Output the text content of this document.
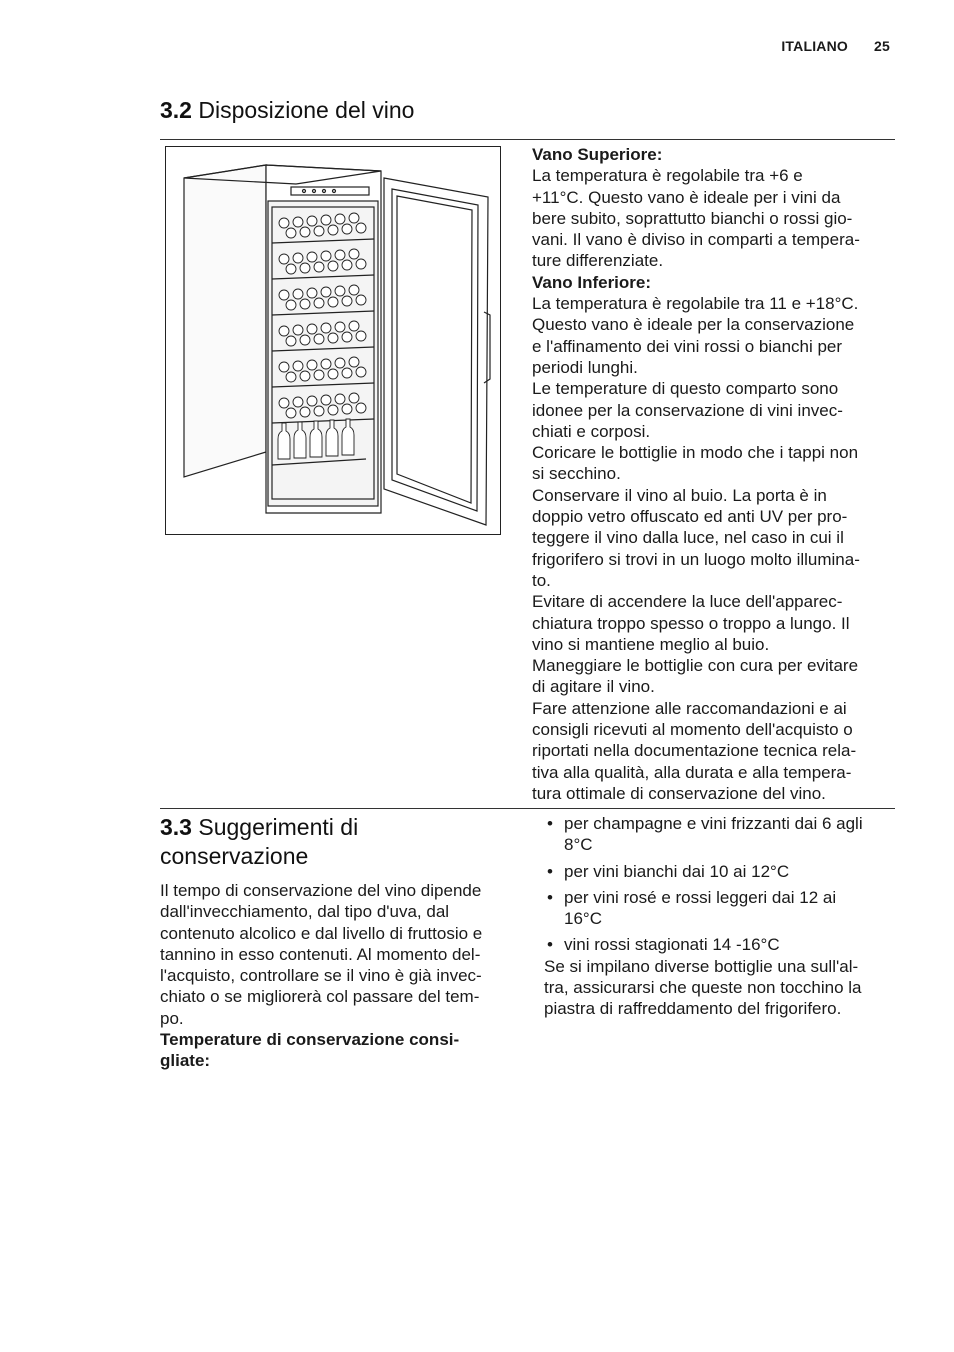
ITALIANO 25
3.2 Disposizione del vino

Vano Superiore:

La temperatura è regolabile tra +6 e

+11°C. Questo vano è ideale per i vini da

bere subito, soprattutto bianchi o rossi gio-

vani. Il vano è diviso in comparti a tempera-

ture differenziate.

Vano Inferiore:

La temperatura è regolabile tra 11 e +18°C.

Questo vano è ideale per la conservazione

e l'affinamento dei vini rossi o bianchi per

periodi lunghi.

Le temperature di questo comparto sono

idonee per la conservazione di vini invec-

chiati e corposi.

Coricare le bottiglie in modo che i tappi non

si secchino.

Conservare il vino al buio. La porta è in

doppio vetro offuscato ed anti UV per pro-

teggere il vino dalla luce, nel caso in cui il

frigorifero si trovi in un luogo molto illumina-

to.

Evitare di accendere la luce dell'apparec-

chiatura troppo spesso o troppo a lungo. Il

vino si mantiene meglio al buio.

Maneggiare le bottiglie con cura per evitare

di agitare il vino.

Fare attenzione alle raccomandazioni e ai

consigli ricevuti al momento dell'acquisto o

riportati nella documentazione tecnica rela-

tiva alla qualità, alla durata e alla tempera-

tura ottimale di conservazione del vino.

3.3 Suggerimenti di
conservazione

Il tempo di conservazione del vino dipende

dall'invecchiamento, dal tipo d'uva, dal

contenuto alcolico e dal livello di fruttosio e

tannino in esso contenuti. Al momento del-

l'acquisto, controllare se il vino è già invec-

chiato o se migliorerà col passare del tem-

po.

Temperature di conservazione consi-

gliate:

• per champagne e vini frizzanti dai 6 agli
8°C
• per vini bianchi dai 10 ai 12°C
• per vini rosé e rossi leggeri dai 12 ai
16°C
• vini rossi stagionati 14 -16°C

Se si impilano diverse bottiglie una sull'al-

tra, assicurarsi che queste non tocchino la

piastra di raffreddamento del frigorifero.
